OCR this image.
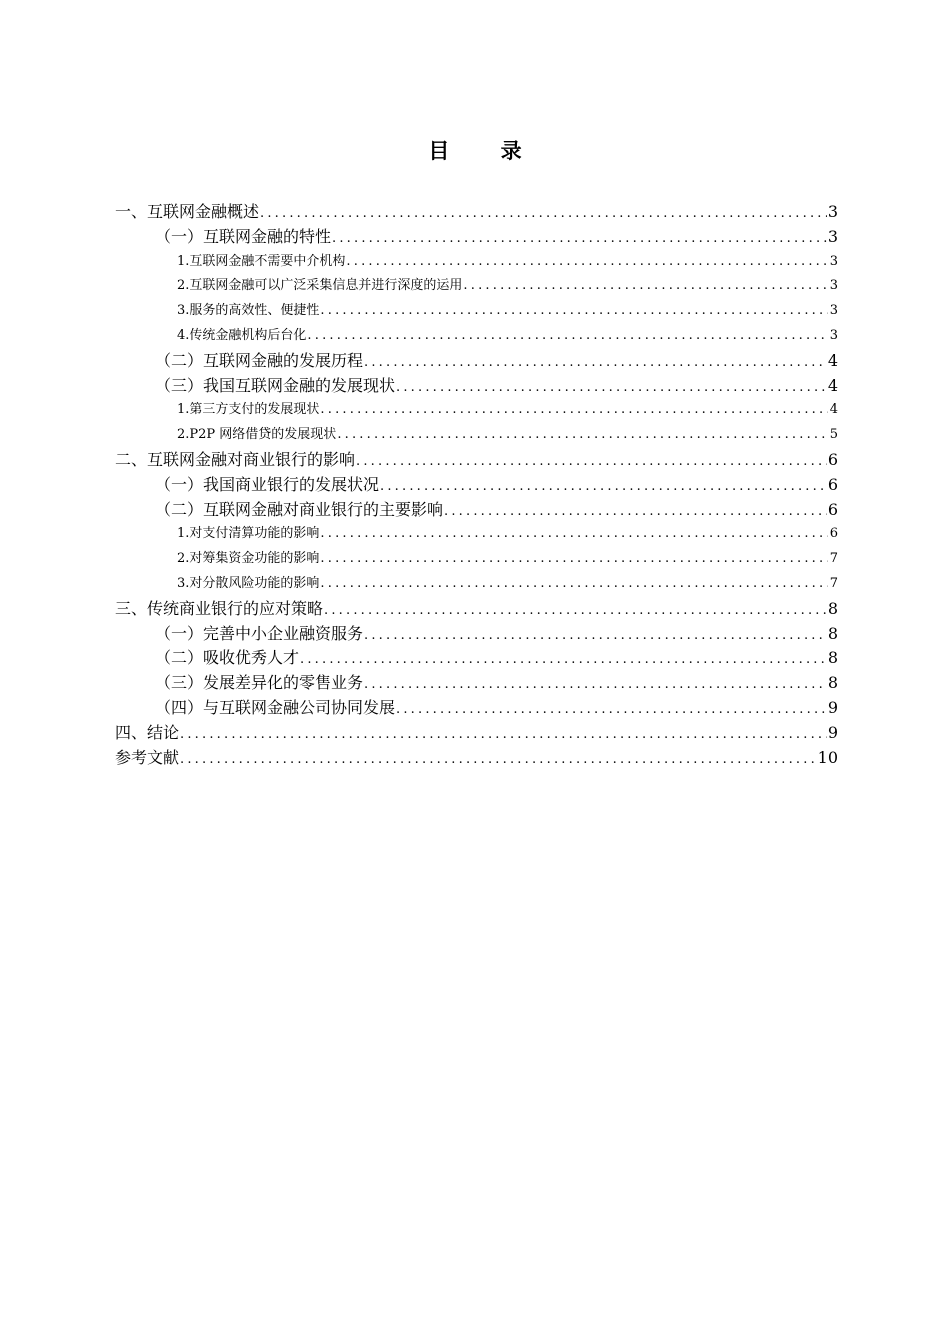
目 录
一、互联网金融概述 .....	3
（一）互联网金融的特性 .....	3
1.互联网金融不需要中介机构 .....	3
2.互联网金融可以广泛采集信息并进行深度的运用 .....	3
3.服务的高效性、便捷性 .....	3
4.传统金融机构后台化 .....	3
（二）互联网金融的发展历程 .....	4
（三）我国互联网金融的发展现状 .....	4
1.第三方支付的发展现状 .....	4
2.P2P 网络借贷的发展现状 .....	5
二、互联网金融对商业银行的影响 .....	6
（一）我国商业银行的发展状况 .....	6
（二）互联网金融对商业银行的主要影响 .....	6
1.对支付清算功能的影响 .....	6
2.对筹集资金功能的影响 .....	7
3.对分散风险功能的影响 .....	7
三、传统商业银行的应对策略 .....	8
（一）完善中小企业融资服务 .....	8
（二）吸收优秀人才 .....	8
（三）发展差异化的零售业务 .....	8
（四）与互联网金融公司协同发展 .....	9
四、结论 .....	9
参考文献 .....	10
